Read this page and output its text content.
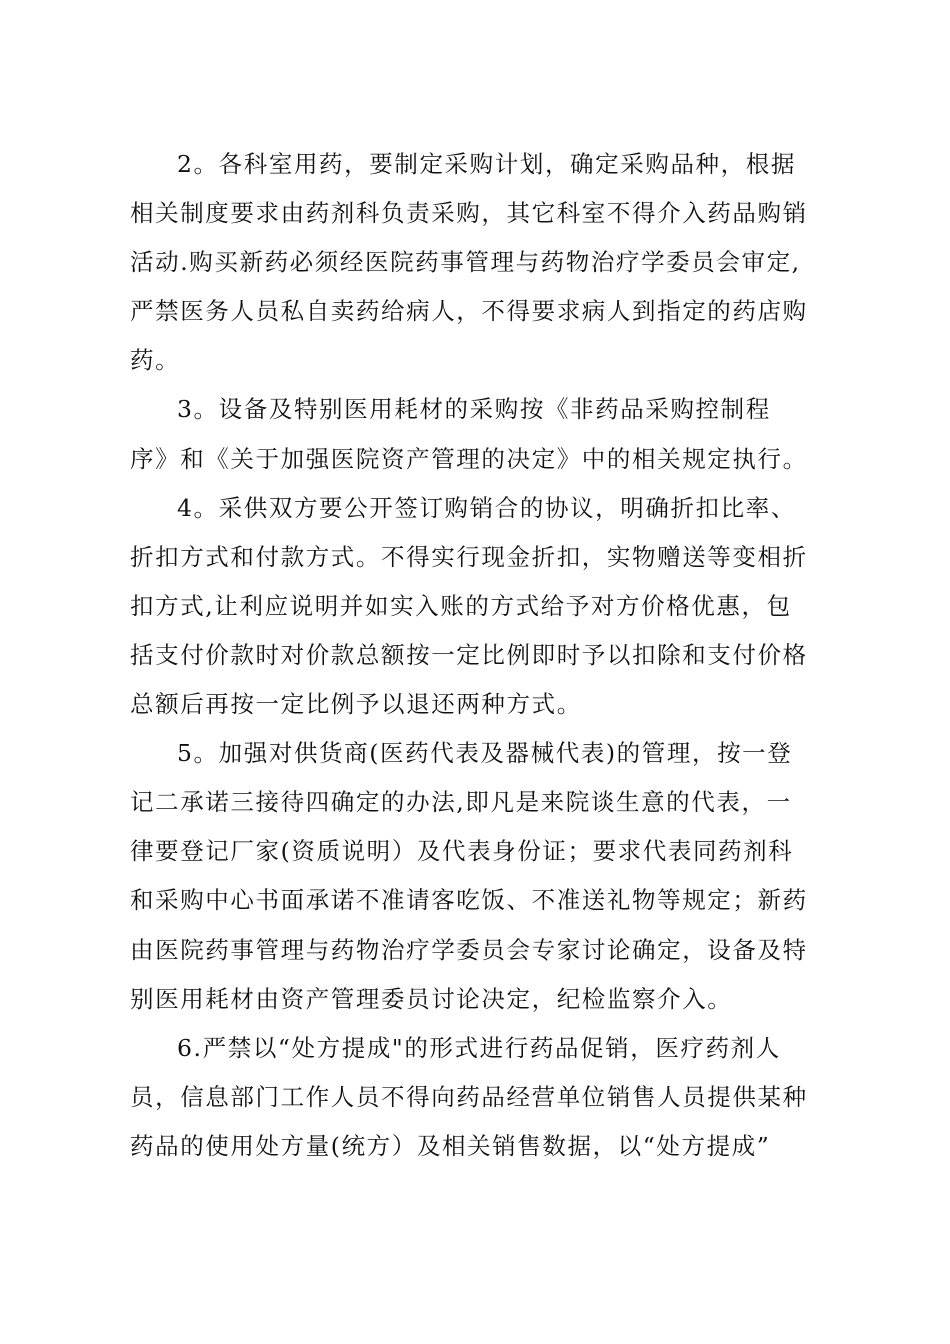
2。各科室用药，要制定采购计划，确定采购品种，根据
相关制度要求由药剂科负责采购，其它科室不得介入药品购销
活动.购买新药必须经医院药事管理与药物治疗学委员会审定,
严禁医务人员私自卖药给病人，不得要求病人到指定的药店购
药。

3。设备及特别医用耗材的采购按《非药品采购控制程
序》和《关于加强医院资产管理的决定》中的相关规定执行。

4。采供双方要公开签订购销合的协议，明确折扣比率、
折扣方式和付款方式。不得实行现金折扣，实物赠送等变相折
扣方式,让利应说明并如实入账的方式给予对方价格优惠，包
括支付价款时对价款总额按一定比例即时予以扣除和支付价格
总额后再按一定比例予以退还两种方式。

5。加强对供货商(医药代表及器械代表)的管理，按一登
记二承诺三接待四确定的办法,即凡是来院谈生意的代表，一
律要登记厂家(资质说明）及代表身份证；要求代表同药剂科
和采购中心书面承诺不准请客吃饭、不准送礼物等规定；新药
由医院药事管理与药物治疗学委员会专家讨论确定，设备及特
别医用耗材由资产管理委员讨论决定，纪检监察介入。

6.严禁以“处方提成"的形式进行药品促销，医疗药剂人
员，信息部门工作人员不得向药品经营单位销售人员提供某种
药品的使用处方量(统方）及相关销售数据，以“处方提成”
